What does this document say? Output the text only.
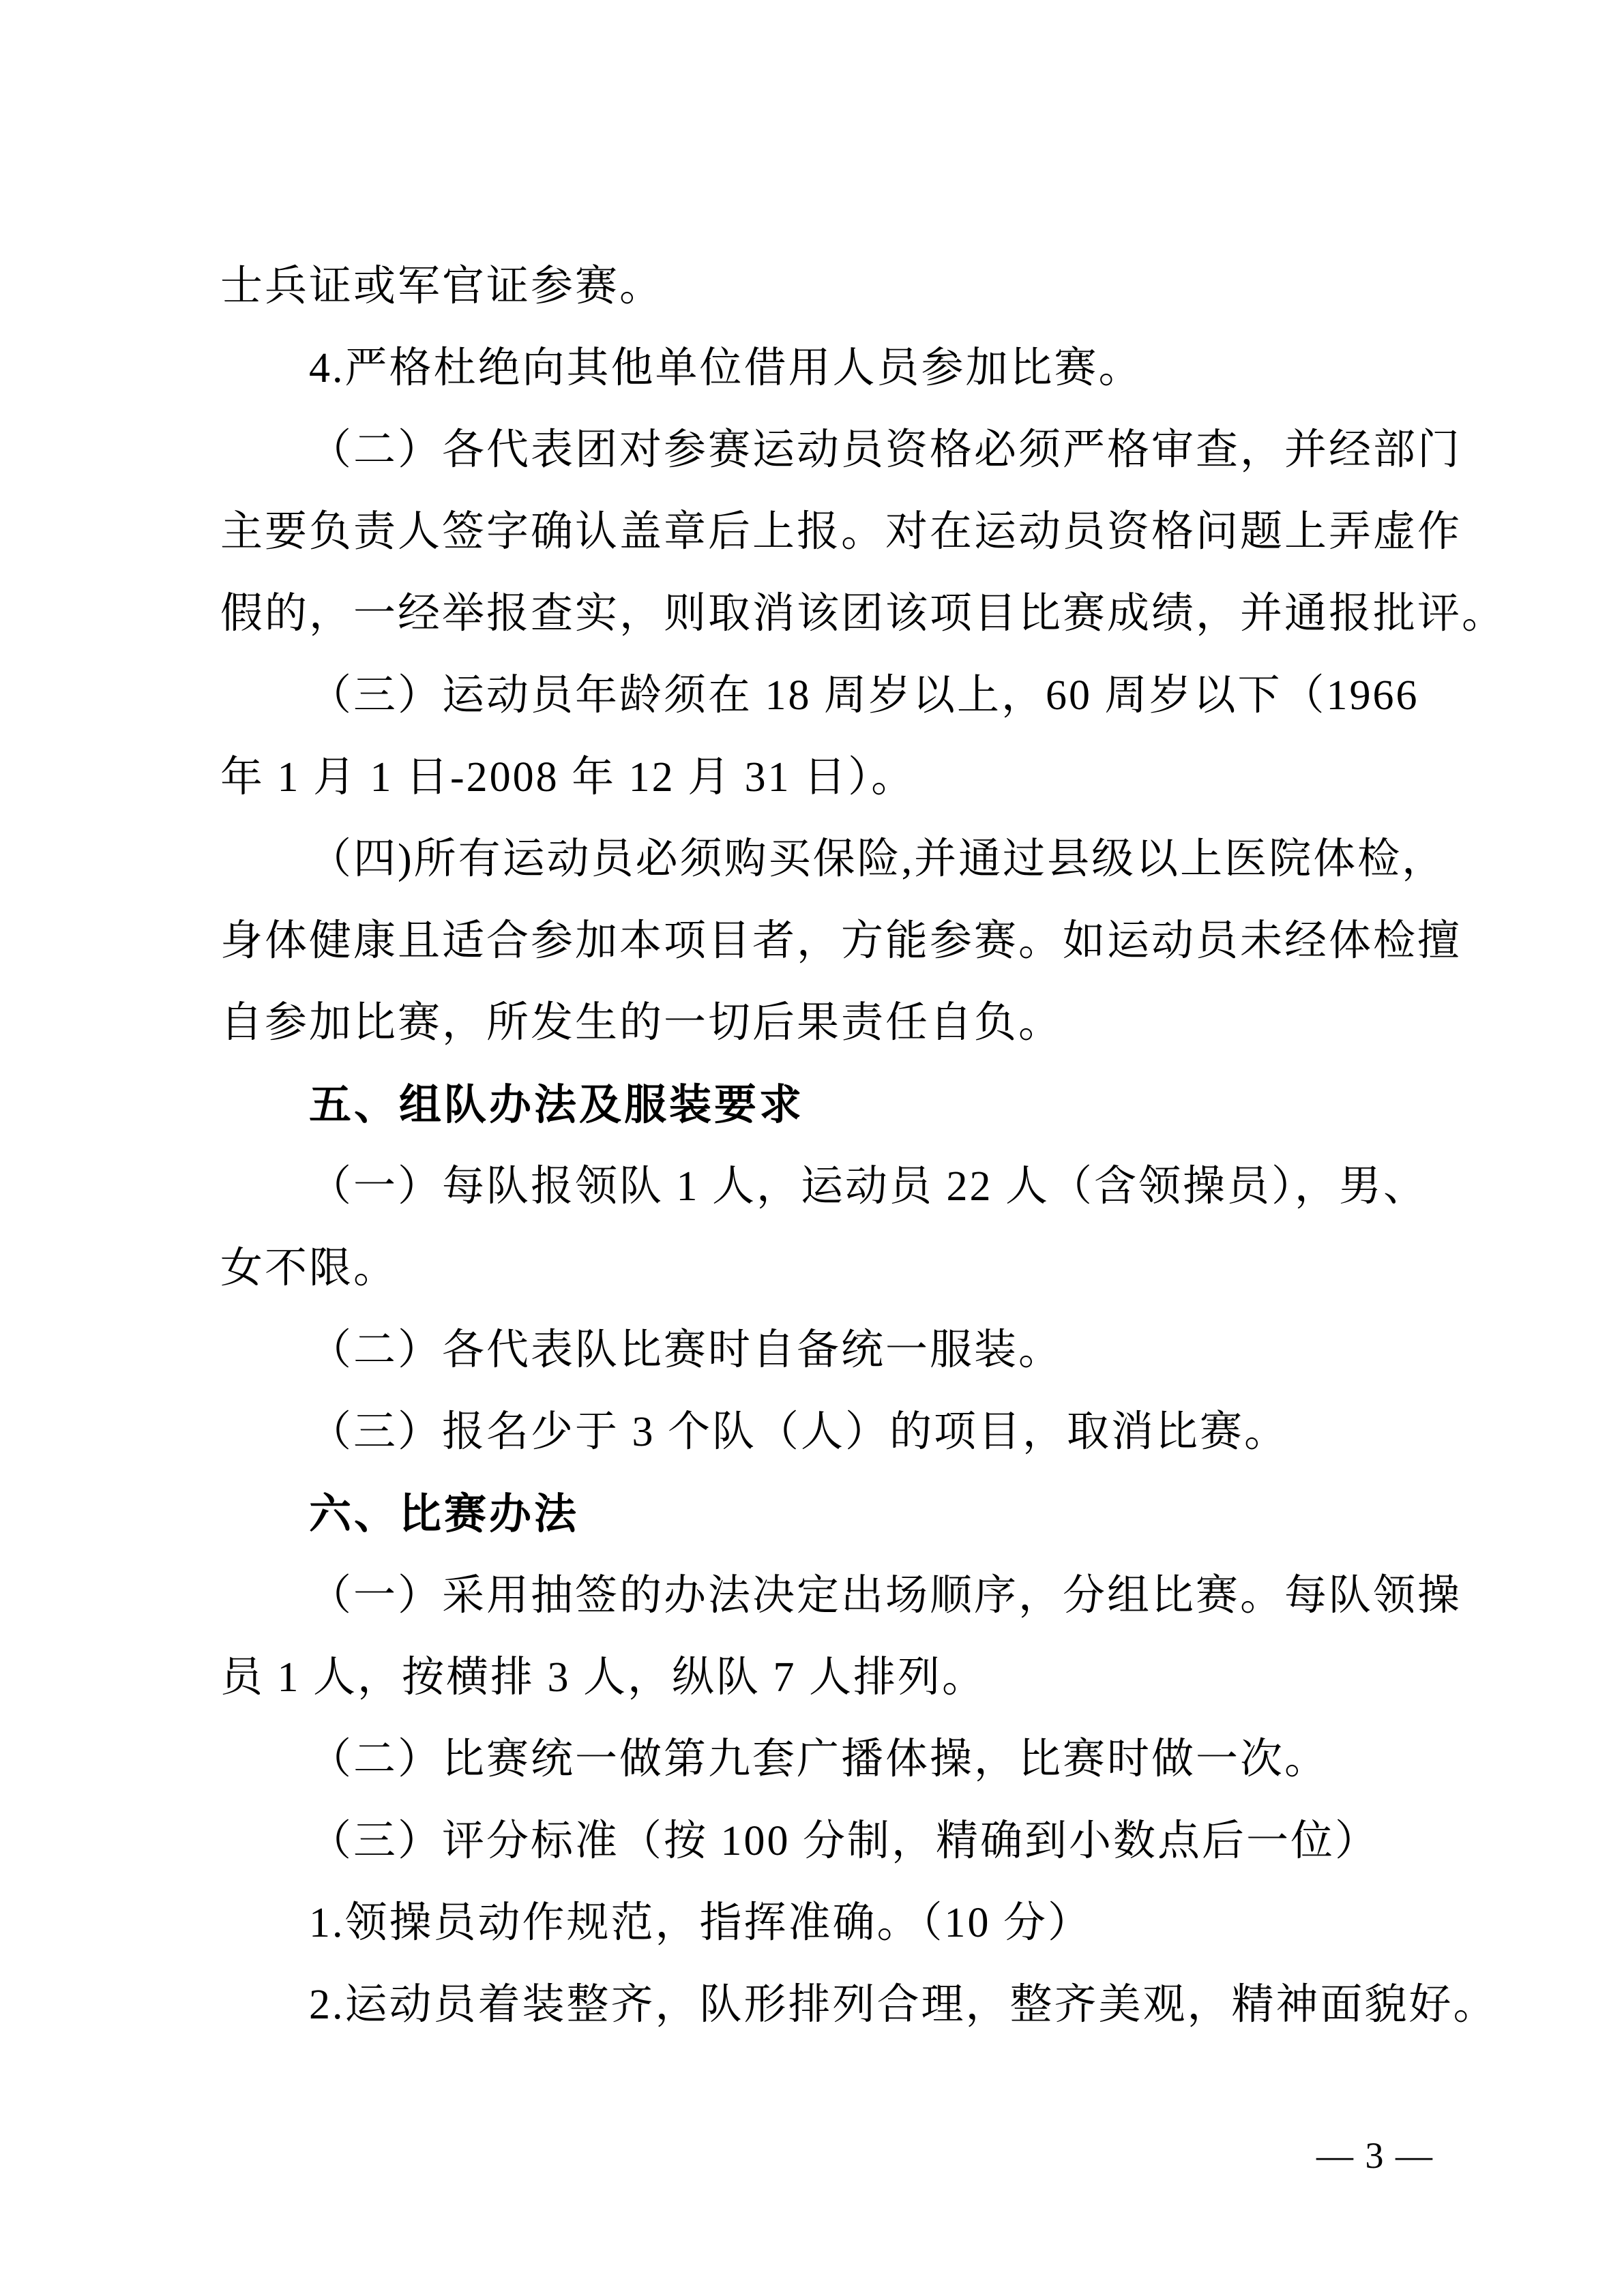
士兵证或军官证参赛。
4.严格杜绝向其他单位借用人员参加比赛。
（二）各代表团对参赛运动员资格必须严格审查，并经部门
主要负责人签字确认盖章后上报。对在运动员资格问题上弄虚作
假的，一经举报查实，则取消该团该项目比赛成绩，并通报批评。
（三）运动员年龄须在 18 周岁以上，60 周岁以下（1966
年 1 月 1 日-2008 年 12 月 31 日）。
（四)所有运动员必须购买保险,并通过县级以上医院体检，
身体健康且适合参加本项目者，方能参赛。如运动员未经体检擅
自参加比赛，所发生的一切后果责任自负。
五、组队办法及服装要求
（一）每队报领队 1 人，运动员 22 人（含领操员），男、
女不限。
（二）各代表队比赛时自备统一服装。
（三）报名少于 3 个队（人）的项目，取消比赛。
六、比赛办法
（一）采用抽签的办法决定出场顺序，分组比赛。每队领操
员 1 人，按横排 3 人，纵队 7 人排列。
（二）比赛统一做第九套广播体操，比赛时做一次。
（三）评分标准（按 100 分制，精确到小数点后一位）
1.领操员动作规范，指挥准确。（10 分）
2.运动员着装整齐，队形排列合理，整齐美观，精神面貌好。
— 3 —
